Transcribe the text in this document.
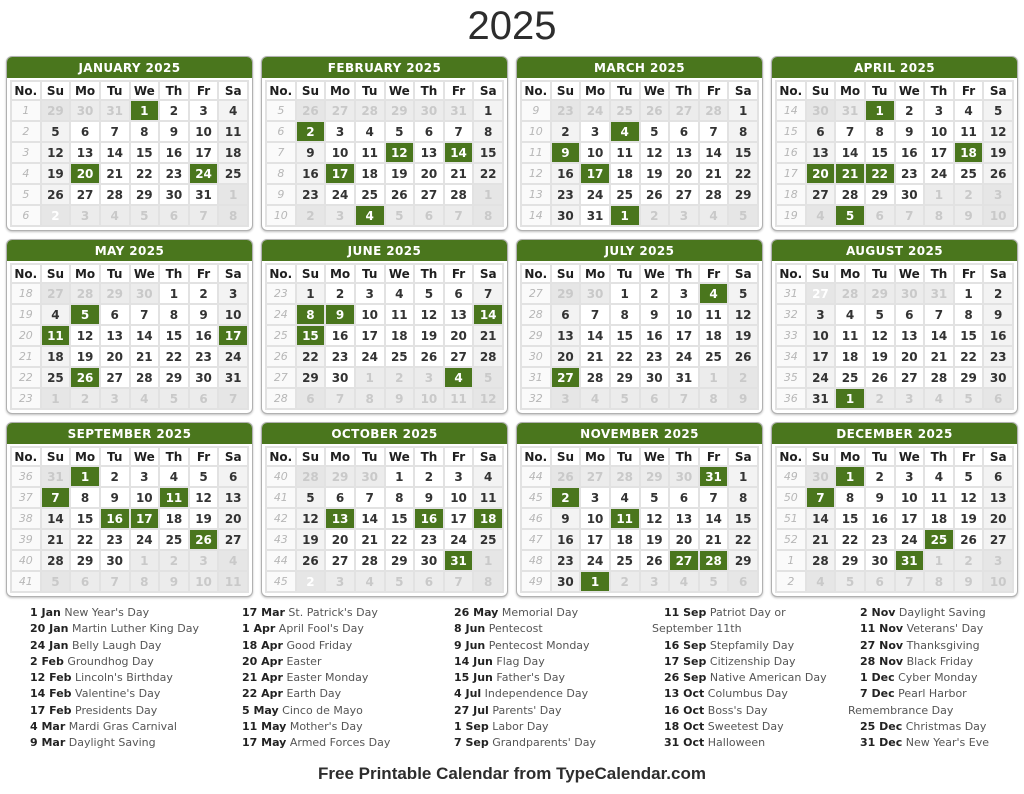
2025
JANUARY 2025
No.	Su	Mo	Tu	We	Th	Fr	Sa
1	29	30	31	1	2	3	4
2	5	6	7	8	9	10	11
3	12	13	14	15	16	17	18
4	19	20	21	22	23	24	25
5	26	27	28	29	30	31	1
6	2	3	4	5	6	7	8
FEBRUARY 2025
No.	Su	Mo	Tu	We	Th	Fr	Sa
5	26	27	28	29	30	31	1
6	2	3	4	5	6	7	8
7	9	10	11	12	13	14	15
8	16	17	18	19	20	21	22
9	23	24	25	26	27	28	1
10	2	3	4	5	6	7	8
MARCH 2025
No.	Su	Mo	Tu	We	Th	Fr	Sa
9	23	24	25	26	27	28	1
10	2	3	4	5	6	7	8
11	9	10	11	12	13	14	15
12	16	17	18	19	20	21	22
13	23	24	25	26	27	28	29
14	30	31	1	2	3	4	5
APRIL 2025
No.	Su	Mo	Tu	We	Th	Fr	Sa
14	30	31	1	2	3	4	5
15	6	7	8	9	10	11	12
16	13	14	15	16	17	18	19
17	20	21	22	23	24	25	26
18	27	28	29	30	1	2	3
19	4	5	6	7	8	9	10
MAY 2025
No.	Su	Mo	Tu	We	Th	Fr	Sa
18	27	28	29	30	1	2	3
19	4	5	6	7	8	9	10
20	11	12	13	14	15	16	17
21	18	19	20	21	22	23	24
22	25	26	27	28	29	30	31
23	1	2	3	4	5	6	7
JUNE 2025
No.	Su	Mo	Tu	We	Th	Fr	Sa
23	1	2	3	4	5	6	7
24	8	9	10	11	12	13	14
25	15	16	17	18	19	20	21
26	22	23	24	25	26	27	28
27	29	30	1	2	3	4	5
28	6	7	8	9	10	11	12
JULY 2025
No.	Su	Mo	Tu	We	Th	Fr	Sa
27	29	30	1	2	3	4	5
28	6	7	8	9	10	11	12
29	13	14	15	16	17	18	19
30	20	21	22	23	24	25	26
31	27	28	29	30	31	1	2
32	3	4	5	6	7	8	9
AUGUST 2025
No.	Su	Mo	Tu	We	Th	Fr	Sa
31	27	28	29	30	31	1	2
32	3	4	5	6	7	8	9
33	10	11	12	13	14	15	16
34	17	18	19	20	21	22	23
35	24	25	26	27	28	29	30
36	31	1	2	3	4	5	6
SEPTEMBER 2025
No.	Su	Mo	Tu	We	Th	Fr	Sa
36	31	1	2	3	4	5	6
37	7	8	9	10	11	12	13
38	14	15	16	17	18	19	20
39	21	22	23	24	25	26	27
40	28	29	30	1	2	3	4
41	5	6	7	8	9	10	11
OCTOBER 2025
No.	Su	Mo	Tu	We	Th	Fr	Sa
40	28	29	30	1	2	3	4
41	5	6	7	8	9	10	11
42	12	13	14	15	16	17	18
43	19	20	21	22	23	24	25
44	26	27	28	29	30	31	1
45	2	3	4	5	6	7	8
NOVEMBER 2025
No.	Su	Mo	Tu	We	Th	Fr	Sa
44	26	27	28	29	30	31	1
45	2	3	4	5	6	7	8
46	9	10	11	12	13	14	15
47	16	17	18	19	20	21	22
48	23	24	25	26	27	28	29
49	30	1	2	3	4	5	6
DECEMBER 2025
No.	Su	Mo	Tu	We	Th	Fr	Sa
49	30	1	2	3	4	5	6
50	7	8	9	10	11	12	13
51	14	15	16	17	18	19	20
52	21	22	23	24	25	26	27
1	28	29	30	31	1	2	3
2	4	5	6	7	8	9	10

1 Jan New Year's Day

20 Jan Martin Luther King Day

24 Jan Belly Laugh Day

2 Feb Groundhog Day

12 Feb Lincoln's Birthday

14 Feb Valentine's Day

17 Feb Presidents Day

4 Mar Mardi Gras Carnival

9 Mar Daylight Saving

17 Mar St. Patrick's Day

1 Apr April Fool's Day

18 Apr Good Friday

20 Apr Easter

21 Apr Easter Monday

22 Apr Earth Day

5 May Cinco de Mayo

11 May Mother's Day

17 May Armed Forces Day

26 May Memorial Day

8 Jun Pentecost

9 Jun Pentecost Monday

14 Jun Flag Day

15 Jun Father's Day

4 Jul Independence Day

27 Jul Parents' Day

1 Sep Labor Day

7 Sep Grandparents' Day

11 Sep Patriot Day or September 11th

16 Sep Stepfamily Day

17 Sep Citizenship Day

26 Sep Native American Day

13 Oct Columbus Day

16 Oct Boss's Day

18 Oct Sweetest Day

31 Oct Halloween

2 Nov Daylight Saving

11 Nov Veterans' Day

27 Nov Thanksgiving

28 Nov Black Friday

1 Dec Cyber Monday

7 Dec Pearl Harbor Remembrance Day

25 Dec Christmas Day

31 Dec New Year's Eve

Free Printable Calendar from TypeCalendar.com
